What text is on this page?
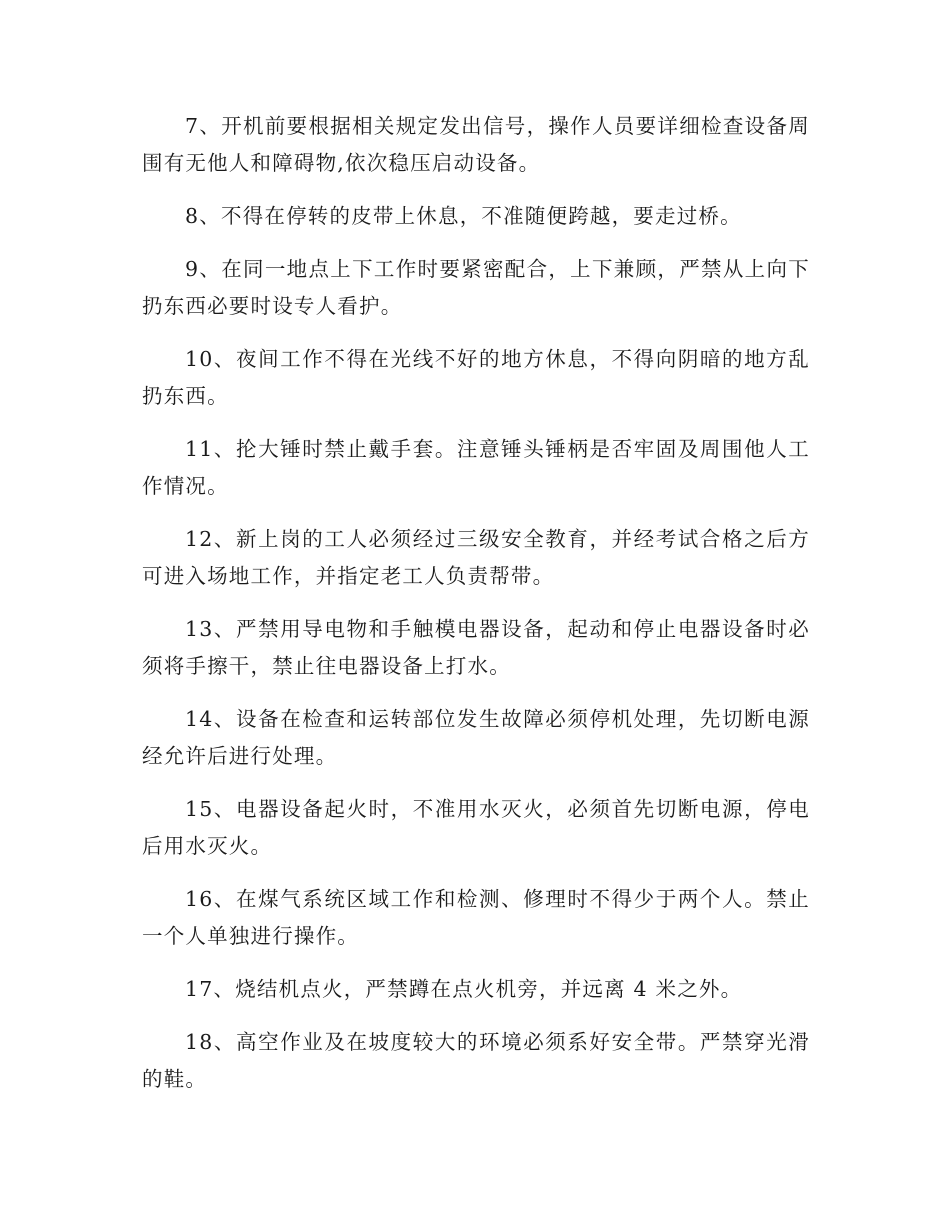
7、开机前要根据相关规定发出信号，操作人员要详细检查设备周围有无他人和障碍物,依次稳压启动设备。

8、不得在停转的皮带上休息，不准随便跨越，要走过桥。

9、在同一地点上下工作时要紧密配合，上下兼顾，严禁从上向下扔东西必要时设专人看护。

10、夜间工作不得在光线不好的地方休息，不得向阴暗的地方乱扔东西。

11、抡大锤时禁止戴手套。注意锤头锤柄是否牢固及周围他人工作情况。

12、新上岗的工人必须经过三级安全教育，并经考试合格之后方可进入场地工作，并指定老工人负责帮带。

13、严禁用导电物和手触模电器设备，起动和停止电器设备时必须将手擦干，禁止往电器设备上打水。

14、设备在检查和运转部位发生故障必须停机处理，先切断电源经允许后进行处理。

15、电器设备起火时，不准用水灭火，必须首先切断电源，停电后用水灭火。

16、在煤气系统区域工作和检测、修理时不得少于两个人。禁止一个人单独进行操作。

17、烧结机点火，严禁蹲在点火机旁，并远离 4 米之外。

18、高空作业及在坡度较大的环境必须系好安全带。严禁穿光滑的鞋。
